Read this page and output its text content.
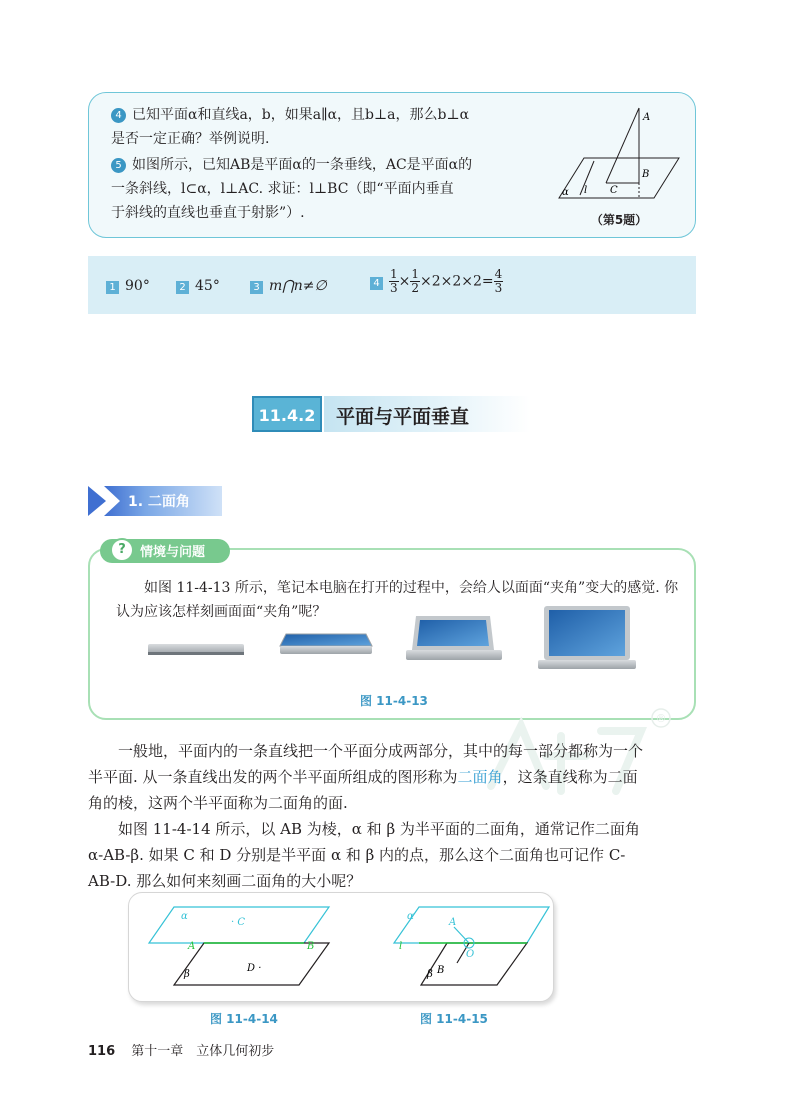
4 已知平面α和直线a，b，如果a∥α，且b⊥a，那么b⊥α
是否一定正确？举例说明.
5 如图所示，已知AB是平面α的一条垂线，AC是平面α的
一条斜线，l⊂α，l⊥AC. 求证：l⊥BC（即“平面内垂直
于斜线的直线也垂直于射影”）.
A
B
C
l
α
（第5题）
1 90°	2 45°	3 m⋂n≠∅	$4 \frac{1}{3} \times \frac{1}{2} \times 2\times 2\times 2= \frac{4}{3}$
11.4.2	平面与平面垂直
1. 二面角
?	情境与问题
如图 11-4-13 所示，笔记本电脑在打开的过程中，会给人以面面“夹角”变大的感觉. 你认为应该怎样刻画面面“夹角”呢？
图 11-4-13
®
一般地，平面内的一条直线把一个平面分成两部分，其中的每一部分都称为一个半平面. 从一条直线出发的两个半平面所组成的图形称为二面角，这条直线称为二面角的棱，这两个半平面称为二面角的面.
如图 11-4-14 所示，以 AB 为棱，α 和 β 为半平面的二面角，通常记作二面角 α-AB-β. 如果 C 和 D 分别是半平面 α 和 β 内的点，那么这个二面角也可记作 C-AB-D. 那么如何来刻画二面角的大小呢？
α
· C
A	B
β
D ·
α
A
l
O
β B
图 11-4-14	图 11-4-15
116 第十一章　立体几何初步
